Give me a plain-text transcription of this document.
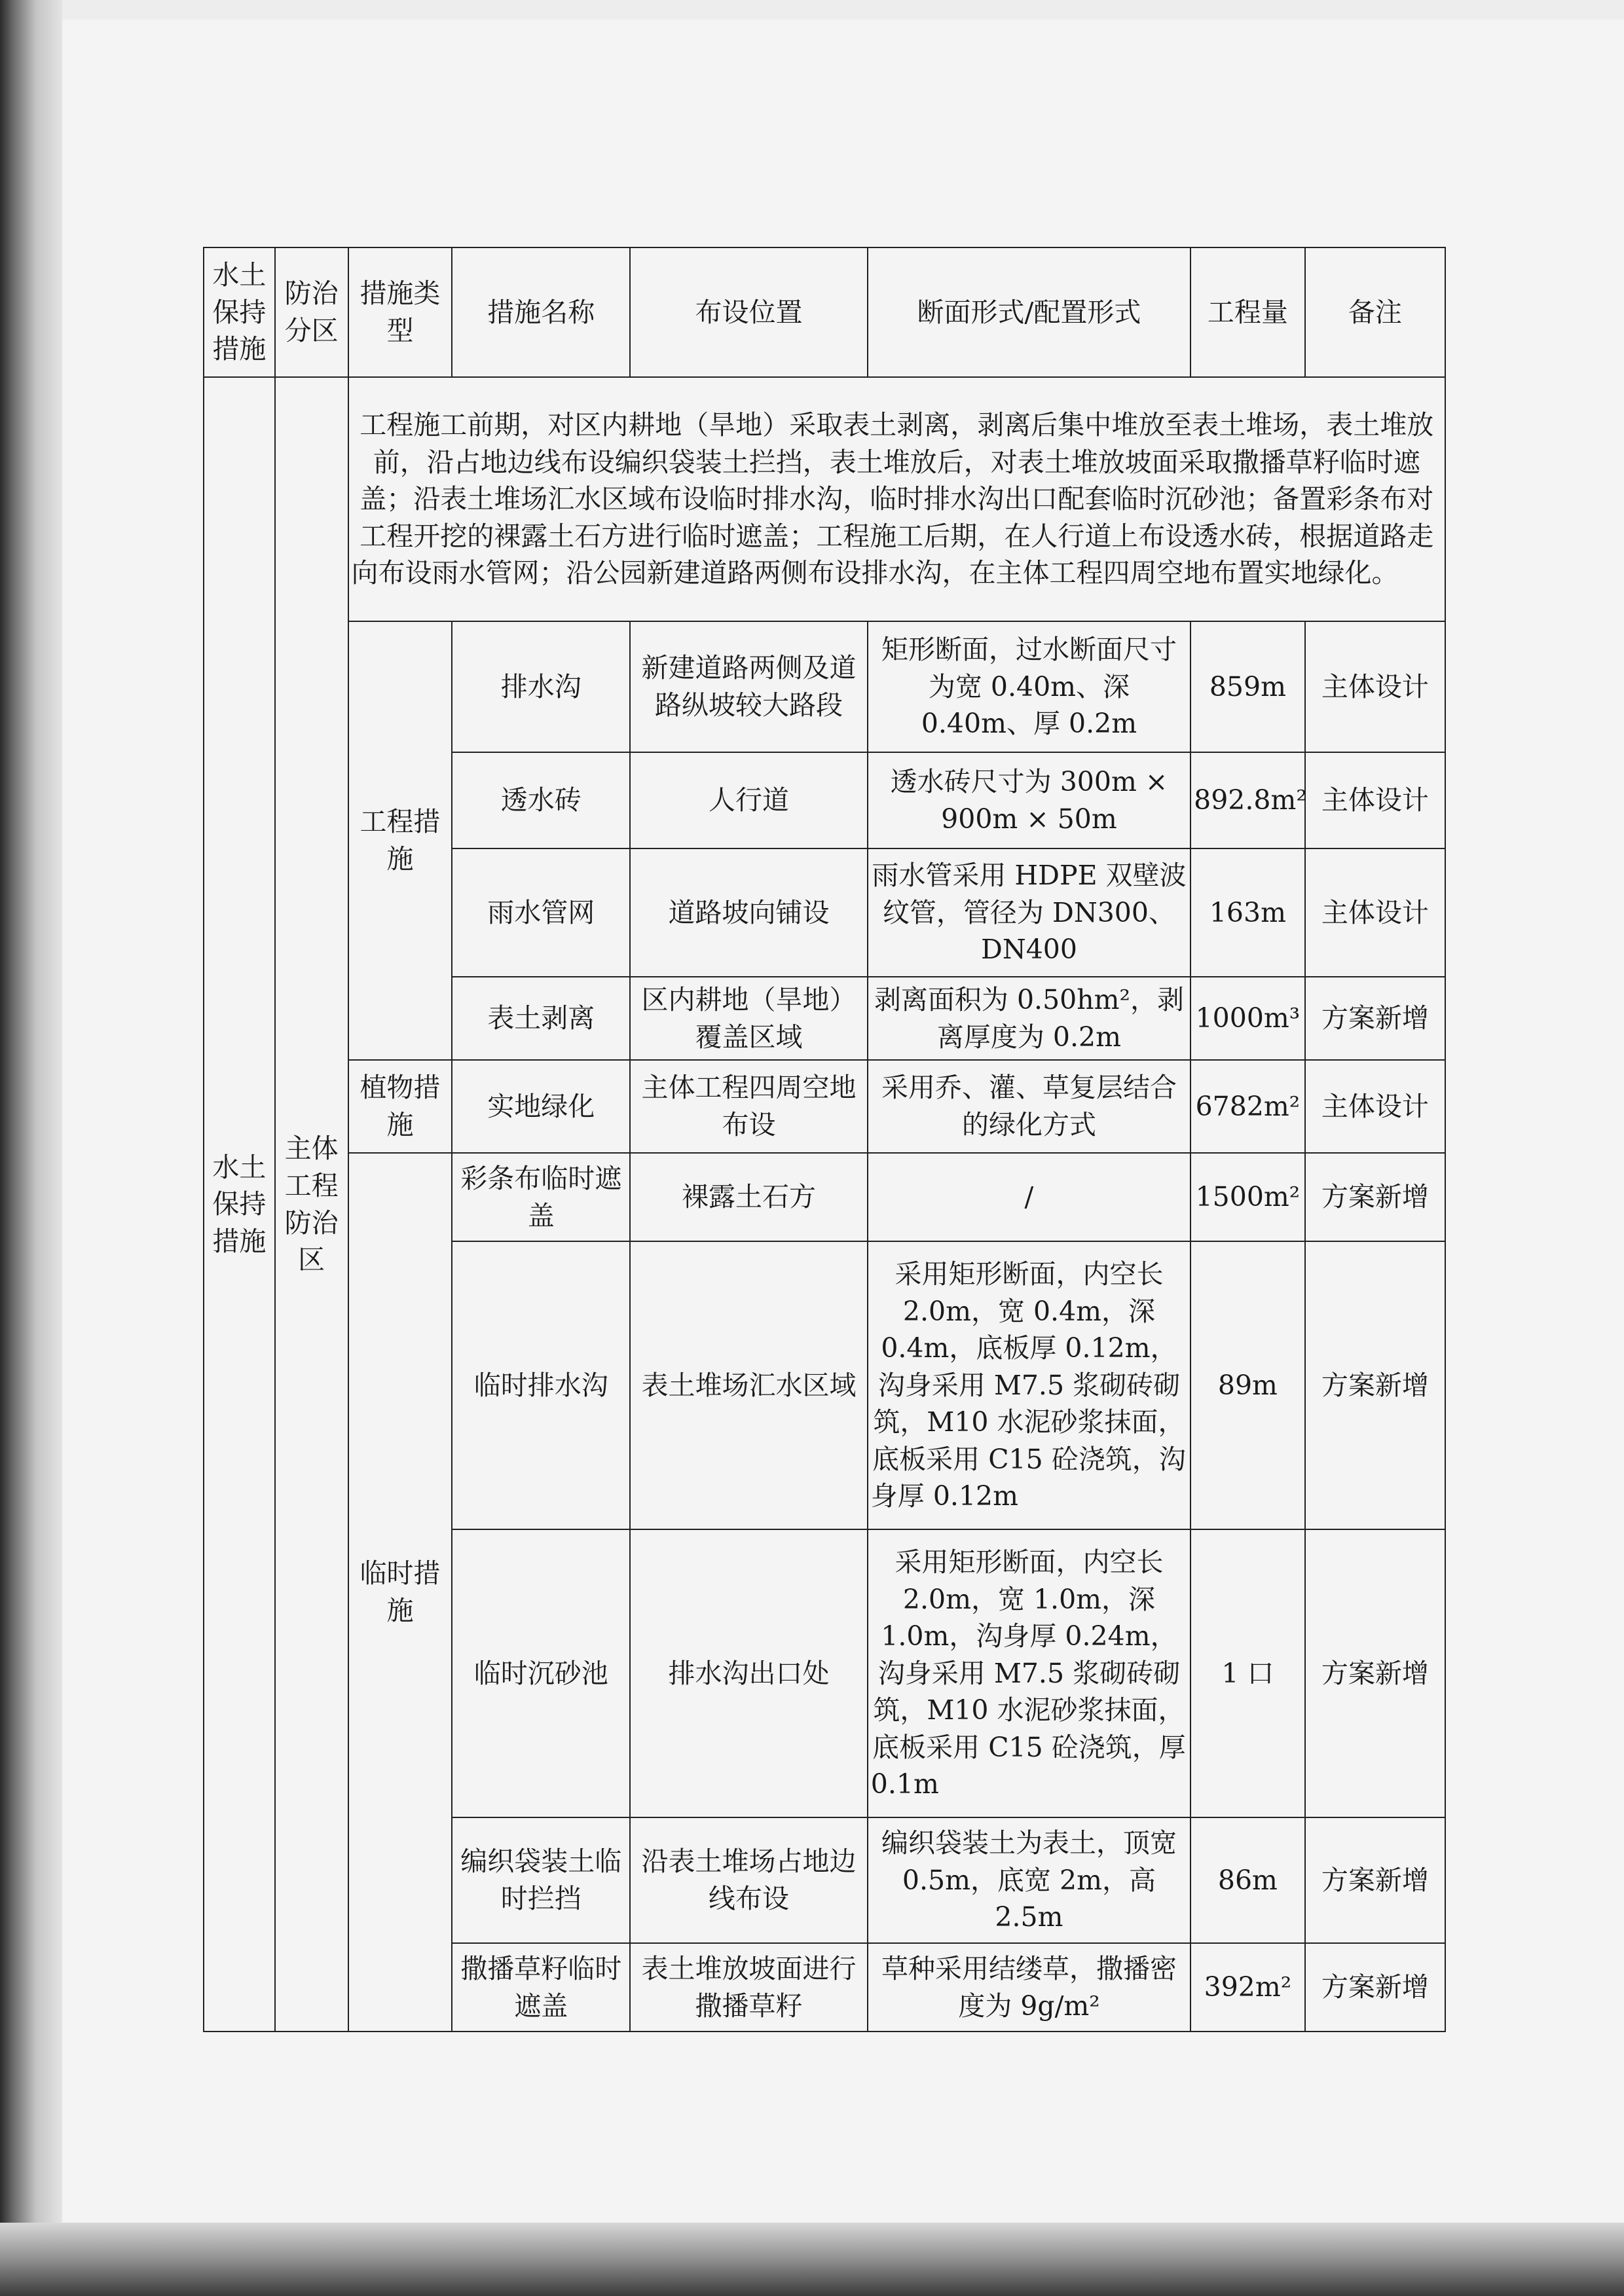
水土保持措施	防治分区	措施类型	措施名称	布设位置	断面形式/配置形式	工程量	备注
水土保持措施	主体工程防治区	工程施工前期，对区内耕地（旱地）采取表土剥离，剥离后集中堆放至表土堆场，表土堆放前，沿占地边线布设编织袋装土拦挡，表土堆放后，对表土堆放坡面采取撒播草籽临时遮盖；沿表土堆场汇水区域布设临时排水沟，临时排水沟出口配套临时沉砂池；备置彩条布对工程开挖的裸露土石方进行临时遮盖；工程施工后期，在人行道上布设透水砖，根据道路走向布设雨水管网；沿公园新建道路两侧布设排水沟，在主体工程四周空地布置实地绿化。					
		工程措施	排水沟	新建道路两侧及道路纵坡较大路段	矩形断面，过水断面尺寸为宽 0.40m、深 0.40m、厚 0.2m	859m	主体设计
			透水砖	人行道	透水砖尺寸为 300m × 900m × 50m	892.8m²	主体设计
			雨水管网	道路坡向铺设	雨水管采用 HDPE 双壁波纹管，管径为 DN300、DN400	163m	主体设计
			表土剥离	区内耕地（旱地）覆盖区域	剥离面积为 0.50hm²，剥离厚度为 0.2m	1000m³	方案新增
		植物措施	实地绿化	主体工程四周空地布设	采用乔、灌、草复层结合的绿化方式	6782m²	主体设计
		临时措施	彩条布临时遮盖	裸露土石方	/	1500m²	方案新增
			临时排水沟	表土堆场汇水区域	采用矩形断面，内空长 2.0m，宽 0.4m，深 0.4m，底板厚 0.12m，沟身采用 M7.5 浆砌砖砌筑，M10 水泥砂浆抹面，底板采用 C15 砼浇筑，沟身厚 0.12m	89m	方案新增
			临时沉砂池	排水沟出口处	采用矩形断面，内空长 2.0m，宽 1.0m，深 1.0m，沟身厚 0.24m，沟身采用 M7.5 浆砌砖砌筑，M10 水泥砂浆抹面，底板采用 C15 砼浇筑，厚 0.1m	1 口	方案新增
			编织袋装土临时拦挡	沿表土堆场占地边线布设	编织袋装土为表土，顶宽 0.5m，底宽 2m，高 2.5m	86m	方案新增
			撒播草籽临时遮盖	表土堆放坡面进行撒播草籽	草种采用结缕草，撒播密度为 9g/m²	392m²	方案新增
